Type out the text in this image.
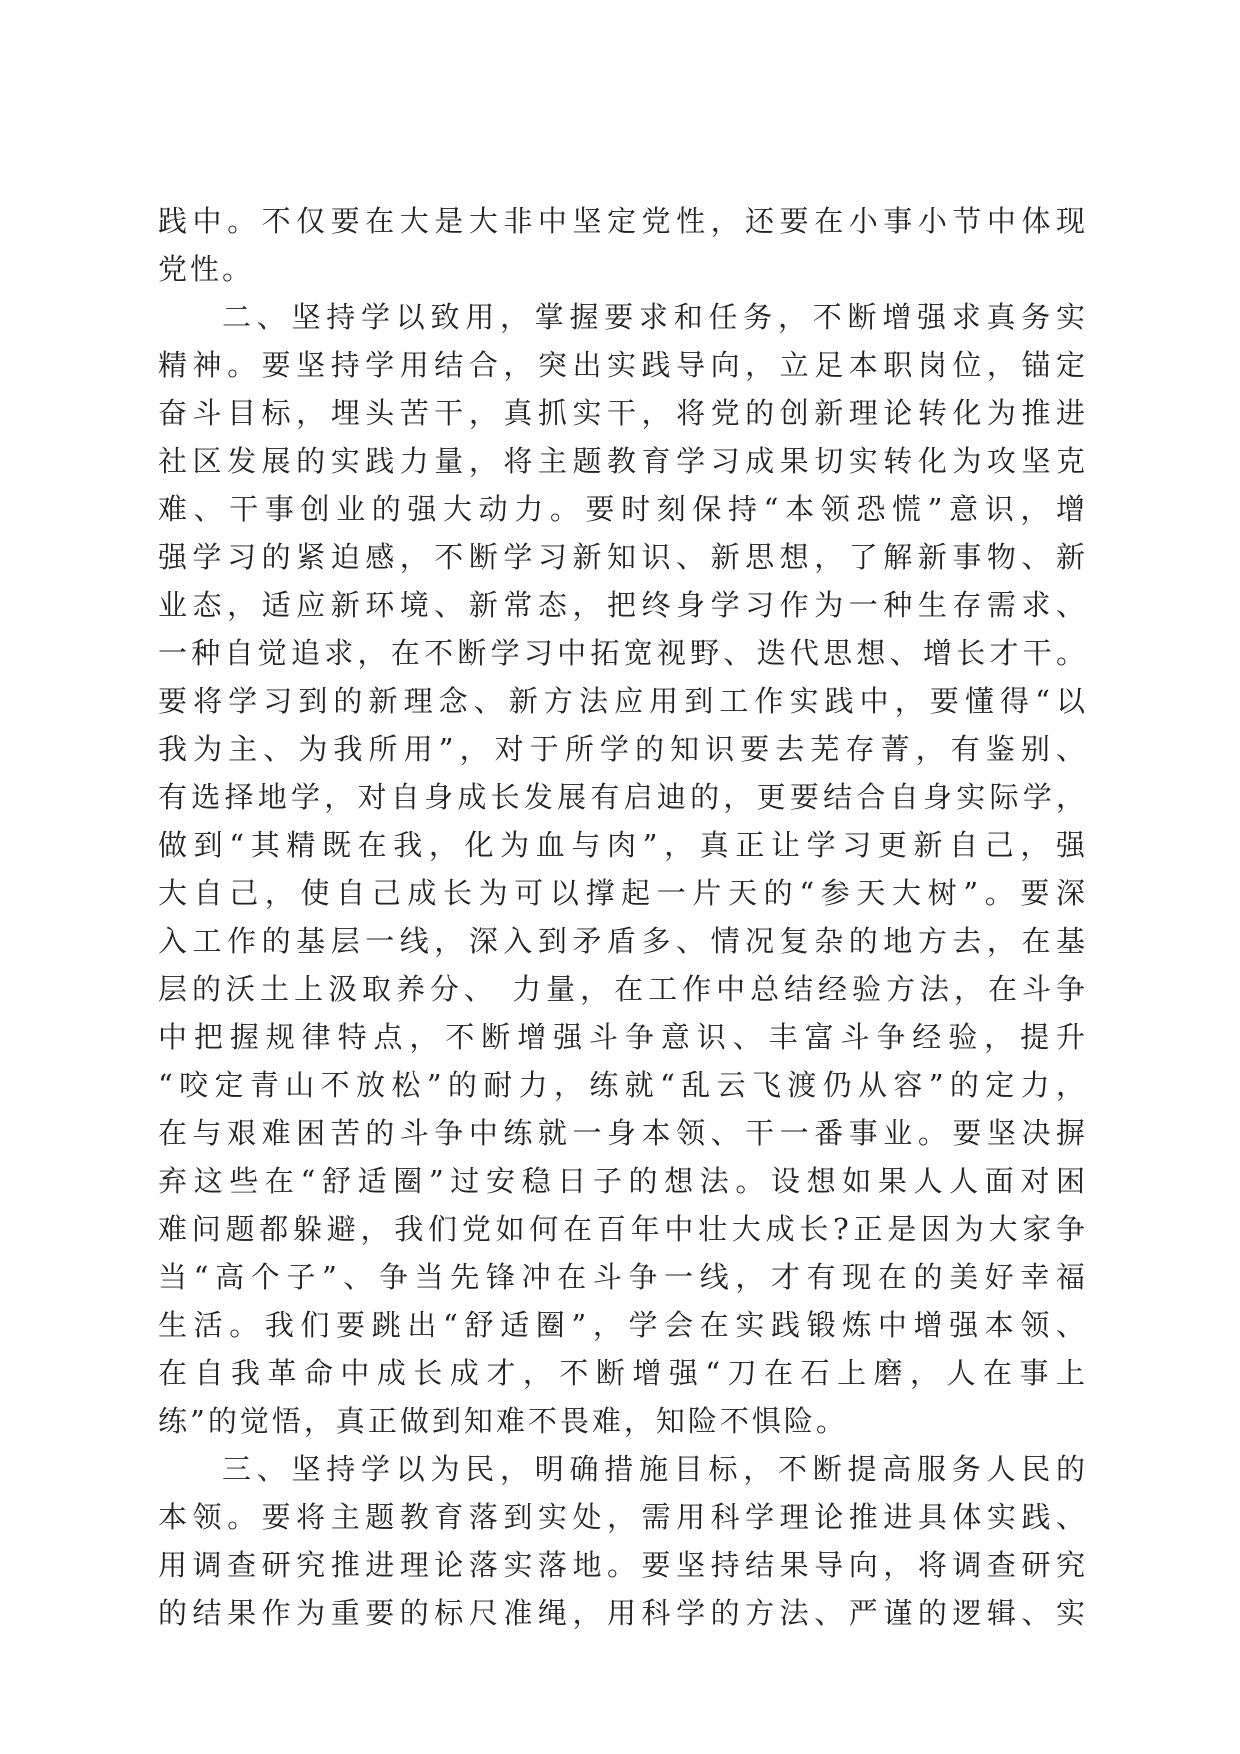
践中。不仅要在大是大非中坚定党性，还要在小事小节中体现
党性。
二、坚持学以致用，掌握要求和任务，不断增强求真务实
精神。要坚持学用结合，突出实践导向，立足本职岗位，锚定
奋斗目标，埋头苦干，真抓实干，将党的创新理论转化为推进
社区发展的实践力量，将主题教育学习成果切实转化为攻坚克
难、干事创业的强大动力。要时刻保持“本领恐慌”意识，增
强学习的紧迫感，不断学习新知识、新思想，了解新事物、新
业态，适应新环境、新常态，把终身学习作为一种生存需求、
一种自觉追求，在不断学习中拓宽视野、迭代思想、增长才干。
要将学习到的新理念、新方法应用到工作实践中，要懂得“以
我为主、为我所用”，对于所学的知识要去芜存菁，有鉴别、
有选择地学，对自身成长发展有启迪的，更要结合自身实际学，
做到“其精既在我，化为血与肉”，真正让学习更新自己，强
大自己，使自己成长为可以撑起一片天的“参天大树”。要深
入工作的基层一线，深入到矛盾多、情况复杂的地方去，在基
层的沃土上汲取养分、 力量，在工作中总结经验方法，在斗争
中把握规律特点，不断增强斗争意识、丰富斗争经验，提升
“咬定青山不放松”的耐力，练就“乱云飞渡仍从容”的定力，
在与艰难困苦的斗争中练就一身本领、干一番事业。要坚决摒
弃这些在“舒适圈”过安稳日子的想法。设想如果人人面对困
难问题都躲避，我们党如何在百年中壮大成长?正是因为大家争
当“高个子”、争当先锋冲在斗争一线，才有现在的美好幸福
生活。我们要跳出“舒适圈”，学会在实践锻炼中增强本领、
在自我革命中成长成才，不断增强“刀在石上磨，人在事上
练”的觉悟，真正做到知难不畏难，知险不惧险。
三、坚持学以为民，明确措施目标，不断提高服务人民的
本领。要将主题教育落到实处，需用科学理论推进具体实践、
用调查研究推进理论落实落地。要坚持结果导向，将调查研究
的结果作为重要的标尺准绳，用科学的方法、严谨的逻辑、实
